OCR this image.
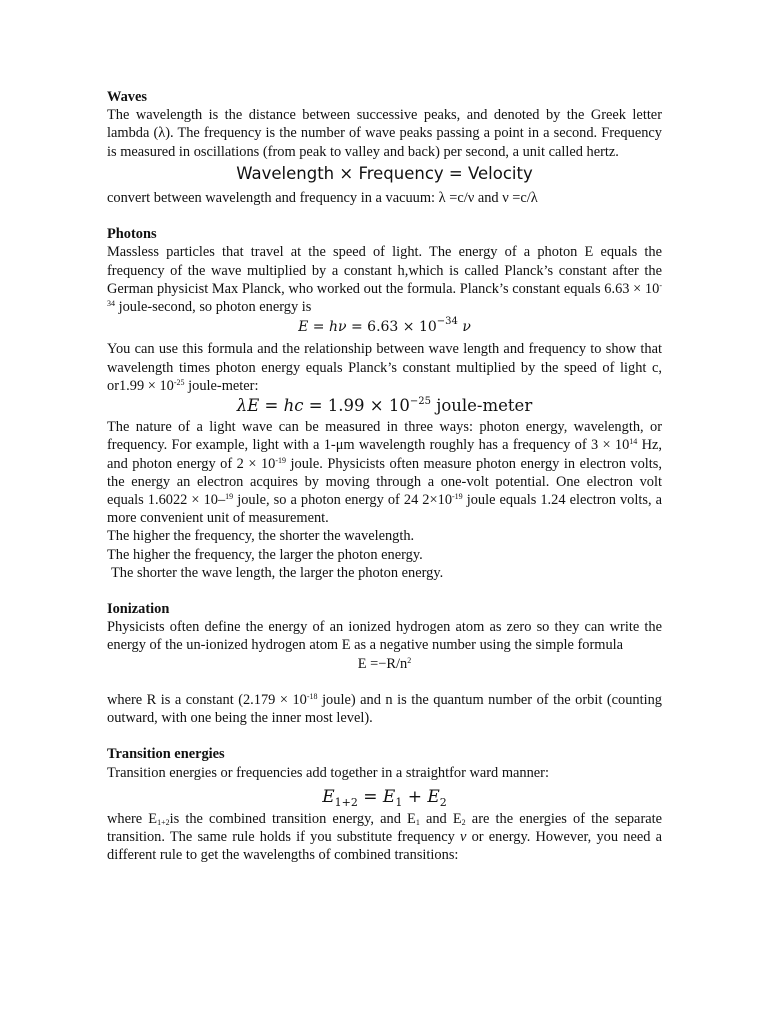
Waves

The wavelength is the distance between successive peaks, and denoted by the Greek letter lambda (λ). The frequency is the number of wave peaks passing a point in a second. Frequency is measured in oscillations (from peak to valley and back) per second, a unit called hertz.

Wavelength × Frequency = Velocity

convert between wavelength and frequency in a vacuum: λ =c/ν and ν =c/λ

Photons

Massless particles that travel at the speed of light. The energy of a photon E equals the frequency of the wave multiplied by a constant h,which is called Planck’s constant after the German physicist Max Planck, who worked out the formula. Planck’s constant equals $6.63 \times 10^{-34}$ joule-second, so photon energy is

$E = h\nu = 6.63 \times 10^{-34}$ ν

You can use this formula and the relationship between wave length and frequency to show that wavelength times photon energy equals Planck’s constant multiplied by the speed of light c, $or1.99 \times 10^{-25}$ joule-meter:

λE = hc = $1.99 \times 10^{-25}$ joule-meter

The nature of a light wave can be measured in three ways: photon energy, wavelength, or frequency. For example, light with a 1-μm wavelength roughly has a frequency of $3 \times 10^{14}$ Hz, and photon energy of $2 \times 10^{-19}$ joule. Physicists often measure photon energy in electron volts, the energy an electron acquires by moving through a one-volt potential. One electron volt equals 1.6022 × 10–$^{19}$ joule, so a photon energy of 24 $2\times 10^{-19}$ joule equals 1.24 electron volts, a more convenient unit of measurement.

The higher the frequency, the shorter the wavelength.
The higher the frequency, the larger the photon energy.
The shorter the wave length, the larger the photon energy.
Ionization

Physicists often define the energy of an ionized hydrogen atom as zero so they can write the energy of the un-ionized hydrogen atom E as a negative number using the simple formula

$E =-R/n^2$

where R is a constant ($2.179 \times 10^{-18}$ joule) and n is the quantum number of the orbit (counting outward, with one being the inner most level).

Transition energies

Transition energies or frequencies add together in a straightfor ward manner:

$E_{1+2} = E_1 + E_2$

where $E_{1+2}is$ the combined transition energy, and $E_1$ and $E_2$ are the energies of the separate transition. The same rule holds if you substitute frequency ν or energy. However, you need a different rule to get the wavelengths of combined transitions:
